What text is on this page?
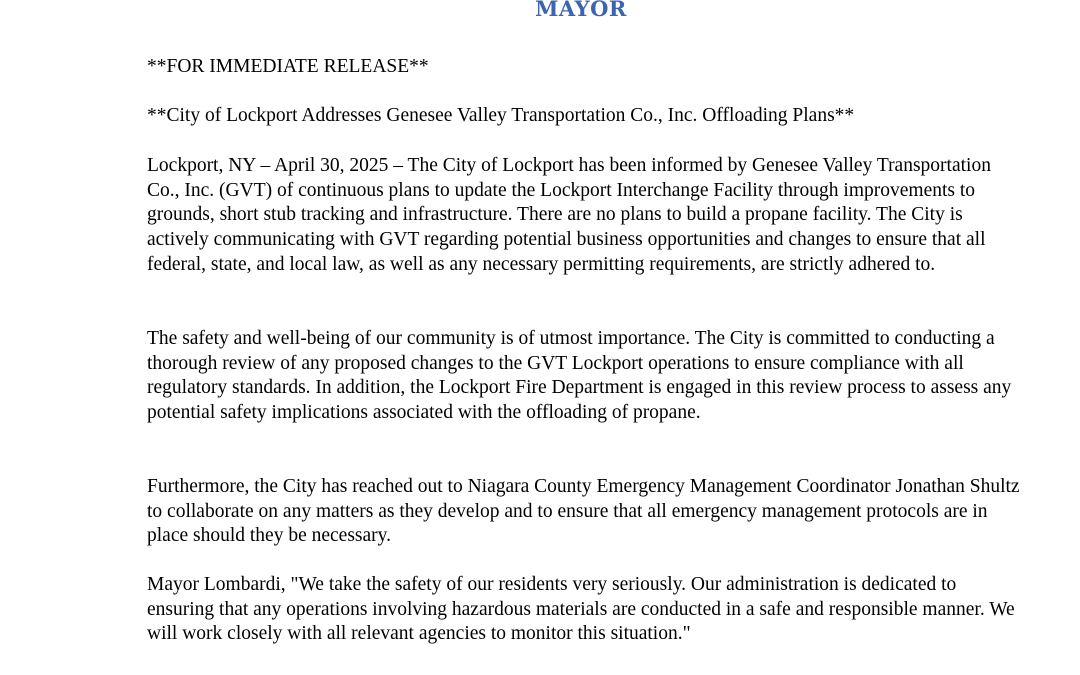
MAYOR

**FOR IMMEDIATE RELEASE**

**City of Lockport Addresses Genesee Valley Transportation Co., Inc. Offloading Plans**

Lockport, NY – April 30, 2025 – The City of Lockport has been informed by Genesee Valley Transportation Co., Inc. (GVT) of continuous plans to update the Lockport Interchange Facility through improvements to grounds, short stub tracking and infrastructure. There are no plans to build a propane facility. The City is actively communicating with GVT regarding potential business opportunities and changes to ensure that all federal, state, and local law, as well as any necessary permitting requirements, are strictly adhered to.

The safety and well-being of our community is of utmost importance. The City is committed to conducting a thorough review of any proposed changes to the GVT Lockport operations to ensure compliance with all regulatory standards. In addition, the Lockport Fire Department is engaged in this review process to assess any potential safety implications associated with the offloading of propane.

Furthermore, the City has reached out to Niagara County Emergency Management Coordinator Jonathan Shultz to collaborate on any matters as they develop and to ensure that all emergency management protocols are in place should they be necessary.

Mayor Lombardi, "We take the safety of our residents very seriously. Our administration is dedicated to ensuring that any operations involving hazardous materials are conducted in a safe and responsible manner. We will work closely with all relevant agencies to monitor this situation."
